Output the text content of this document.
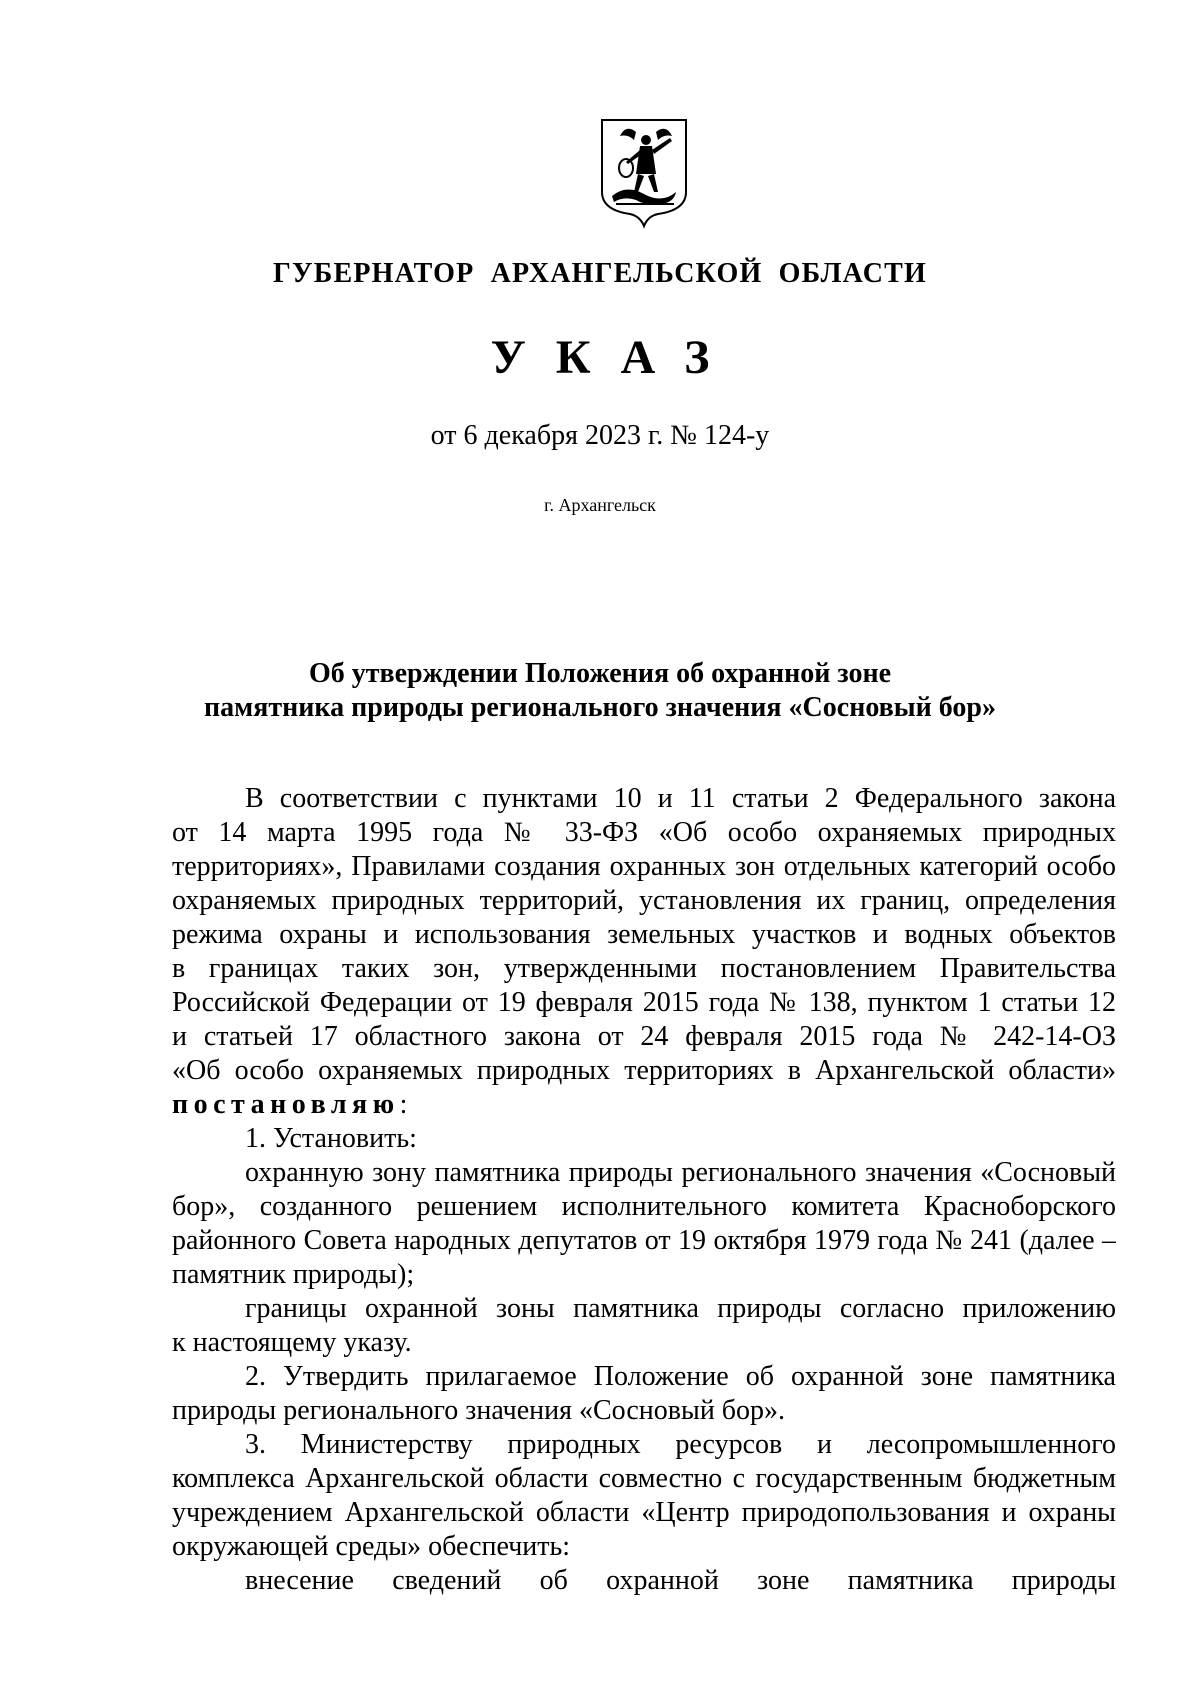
ГУБЕРНАТОР АРХАНГЕЛЬСКОЙ ОБЛАСТИ
УКАЗ
от 6 декабря 2023 г. № 124-у
г. Архангельск
Об утверждении Положения об охранной зоне
памятника природы регионального значения «Сосновый бор»
В соответствии с пунктами 10 и 11 статьи 2 Федерального закона
от 14 марта 1995 года № 33-ФЗ «Об особо охраняемых природных
территориях», Правилами создания охранных зон отдельных категорий особо
охраняемых природных территорий, установления их границ, определения
режима охраны и использования земельных участков и водных объектов
в границах таких зон, утвержденными постановлением Правительства
Российской Федерации от 19 февраля 2015 года № 138, пунктом 1 статьи 12
и статьей 17 областного закона от 24 февраля 2015 года № 242-14-ОЗ
«Об особо охраняемых природных территориях в Архангельской области»
постановляю:
1. Установить:
охранную зону памятника природы регионального значения «Сосновый
бор», созданного решением исполнительного комитета Красноборского
районного Совета народных депутатов от 19 октября 1979 года № 241 (далее –
памятник природы);
границы охранной зоны памятника природы согласно приложению
к настоящему указу.
2. Утвердить прилагаемое Положение об охранной зоне памятника
природы регионального значения «Сосновый бор».
3. Министерству природных ресурсов и лесопромышленного
комплекса Архангельской области совместно с государственным бюджетным
учреждением Архангельской области «Центр природопользования и охраны
окружающей среды» обеспечить:
внесение сведений об охранной зоне памятника природы
